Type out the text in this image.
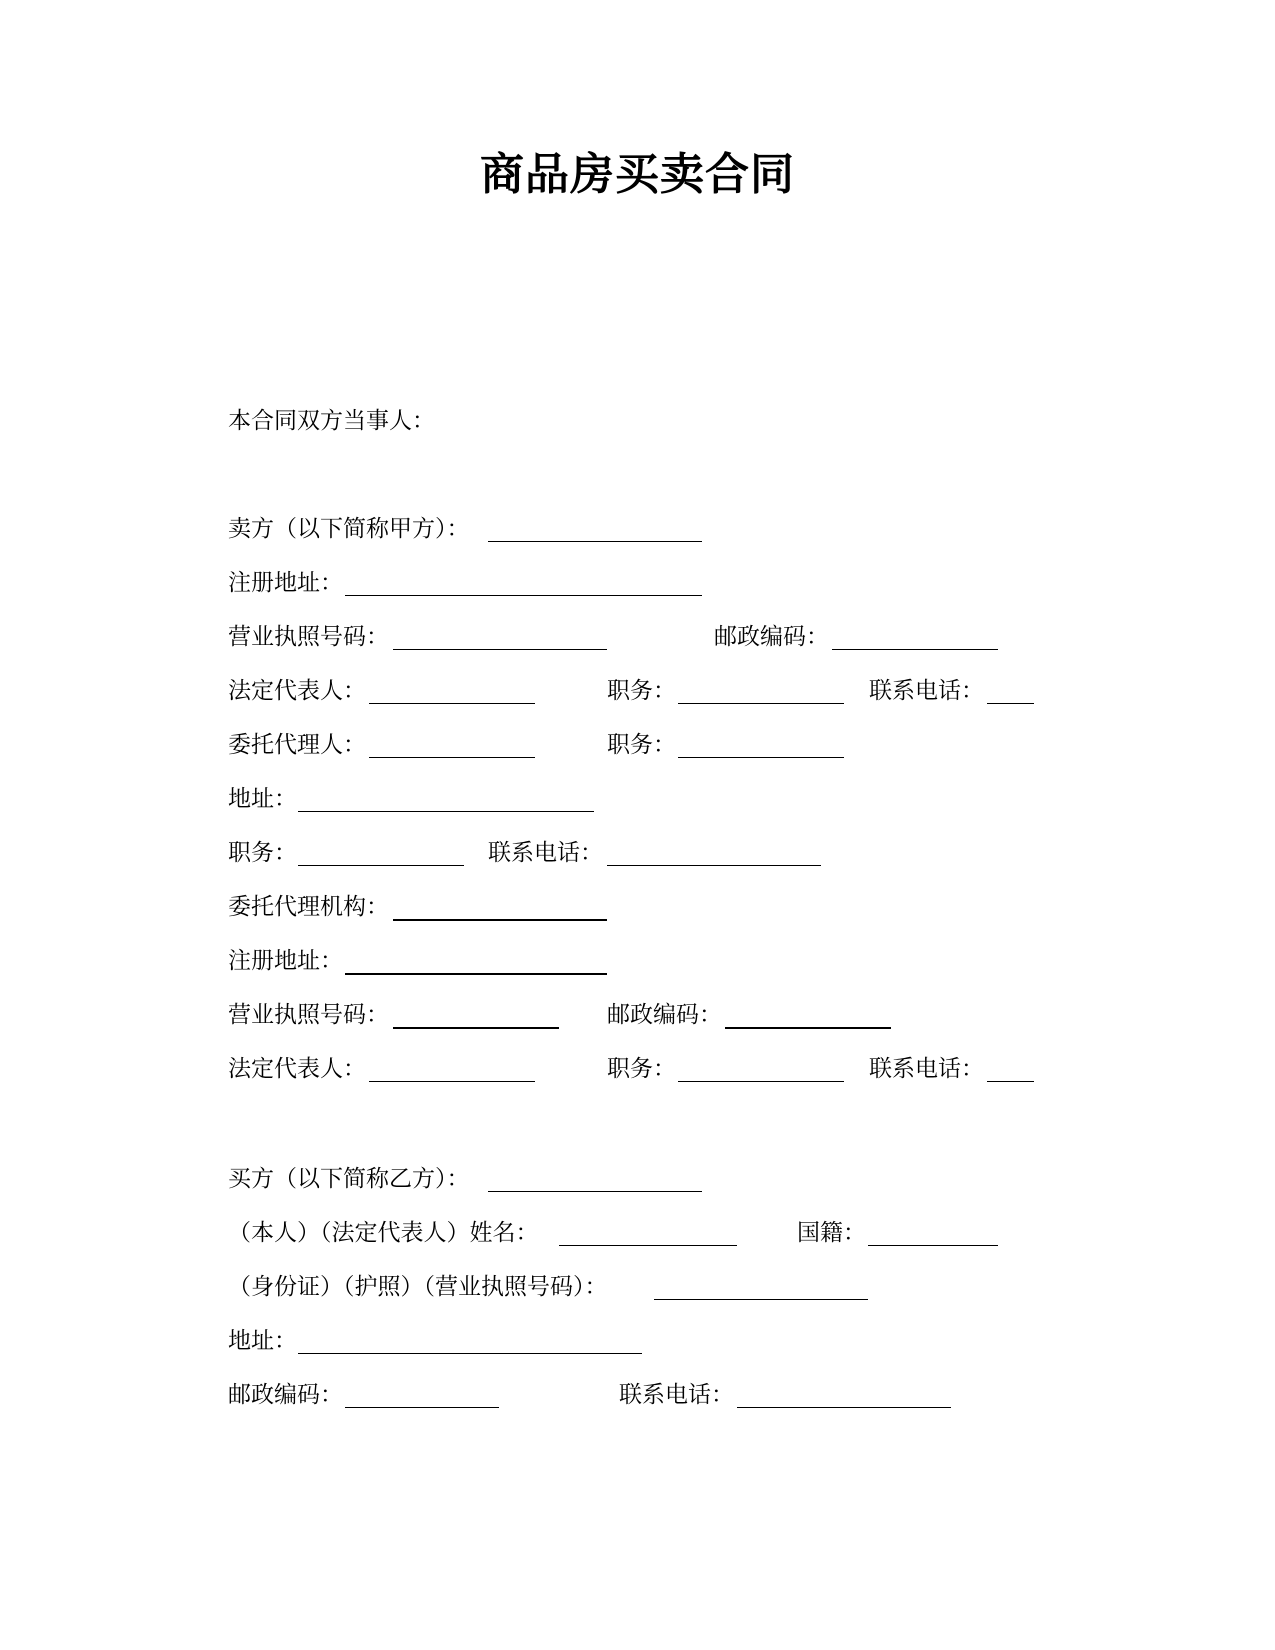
商品房买卖合同
本合同双方当事人：
卖方（以下简称甲方）：
注册地址：
营业执照号码：	邮政编码：
法定代表人：	职务：	联系电话：
委托代理人：	职务：
地址：
职务：	联系电话：
委托代理机构：
注册地址：
营业执照号码：	邮政编码：
法定代表人：	职务：	联系电话：
买方（以下简称乙方）：
（本人）（法定代表人）姓名：	国籍：
（身份证）（护照）（营业执照号码）：
地址：
邮政编码：	联系电话：
